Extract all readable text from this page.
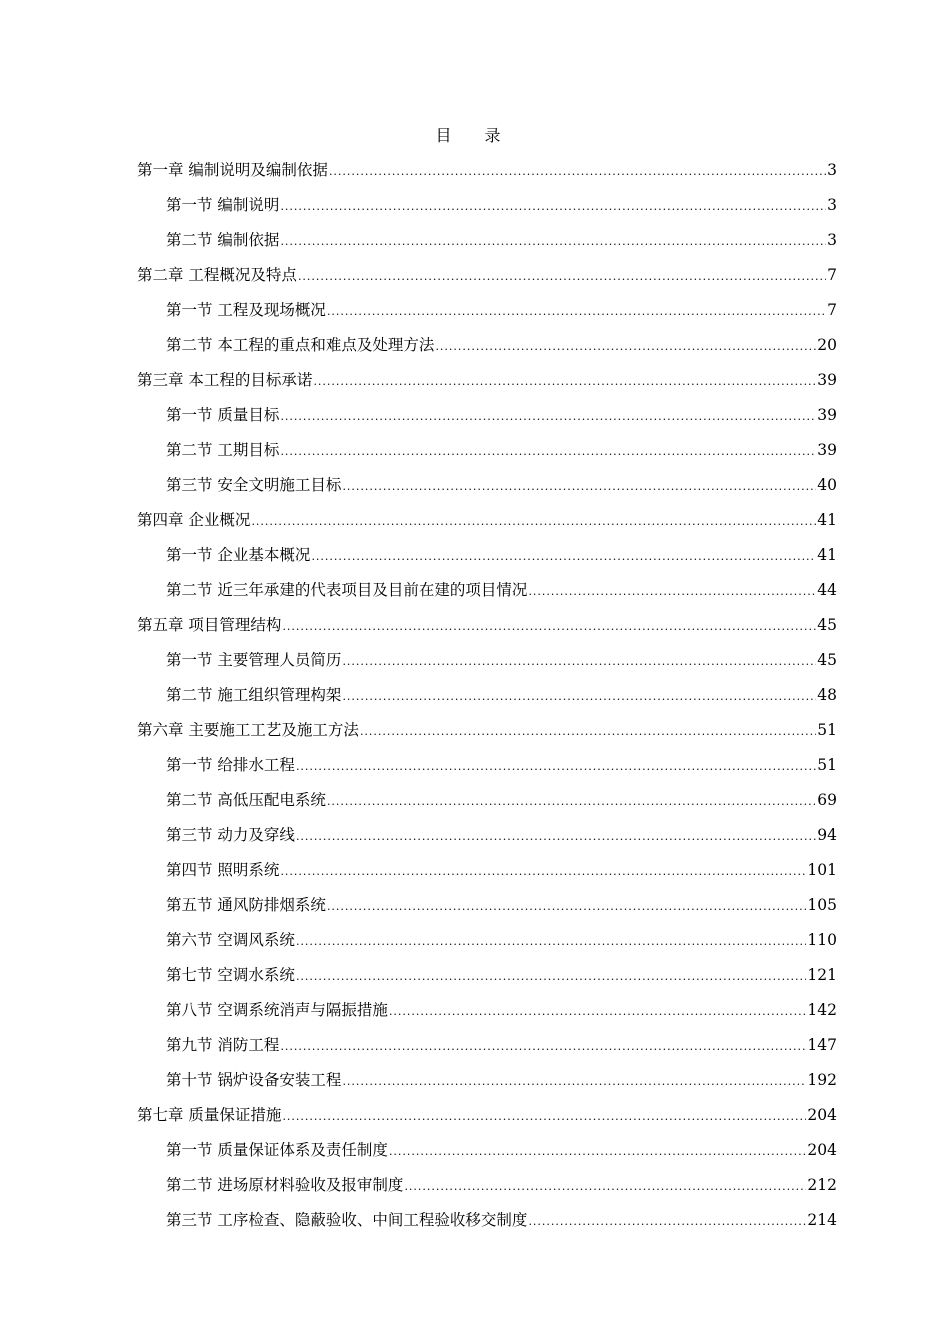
目 录
第一章 编制说明及编制依据 .....	3
第一节 编制说明 .....	3
第二节 编制依据 .....	3
第二章 工程概况及特点 .....	7
第一节 工程及现场概况 .....	7
第二节 本工程的重点和难点及处理方法 .....	20
第三章 本工程的目标承诺 .....	39
第一节 质量目标 .....	39
第二节 工期目标 .....	39
第三节 安全文明施工目标 .....	40
第四章 企业概况 .....	41
第一节 企业基本概况 .....	41
第二节 近三年承建的代表项目及目前在建的项目情况 .....	44
第五章 项目管理结构 .....	45
第一节 主要管理人员简历 .....	45
第二节 施工组织管理构架 .....	48
第六章 主要施工工艺及施工方法 .....	51
第一节 给排水工程 .....	51
第二节 高低压配电系统 .....	69
第三节 动力及穿线 .....	94
第四节 照明系统 .....	101
第五节 通风防排烟系统 .....	105
第六节 空调风系统 .....	110
第七节 空调水系统 .....	121
第八节 空调系统消声与隔振措施 .....	142
第九节 消防工程 .....	147
第十节 锅炉设备安装工程 .....	192
第七章 质量保证措施 .....	204
第一节 质量保证体系及责任制度 .....	204
第二节 进场原材料验收及报审制度 .....	212
第三节 工序检查、隐蔽验收、中间工程验收移交制度 .....	214
